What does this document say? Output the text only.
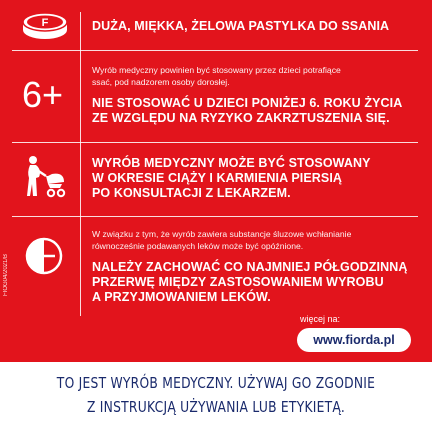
F	DUŻA, MIĘKKA, ŻELOWA PASTYLKA DO SSANIA
6+
Wyrób medyczny powinien być stosowany przez dzieci potrafiące
ssać, pod nadzorem osoby dorosłej.
NIE STOSOWAĆ U DZIECI PONIŻEJ 6. ROKU ŻYCIA
ZE WZGLĘDU NA RYZYKO ZAKRZTUSZENIA SIĘ.
WYRÓB MEDYCZNY MOŻE BYĆ STOSOWANY
W OKRESIE CIĄŻY I KARMIENIA PIERSIĄ
PO KONSULTACJI Z LEKARZEM.
W związku z tym, że wyrób zawiera substancje śluzowe wchłanianie
równocześnie podawanych leków może być opóźnione.
NALEŻY ZACHOWAĆ CO NAJMNIEJ PÓŁGODZINNĄ
PRZERWĘ MIĘDZY ZASTOSOWANIEM WYROBU
A PRZYJMOWANIEM LEKÓW.
FIOG04/2021/B
więcej na:
www.fiorda.pl
TO JEST WYRÓB MEDYCZNY. UŻYWAJ GO ZGODNIE
Z INSTRUKCJĄ UŻYWANIA LUB ETYKIETĄ.
